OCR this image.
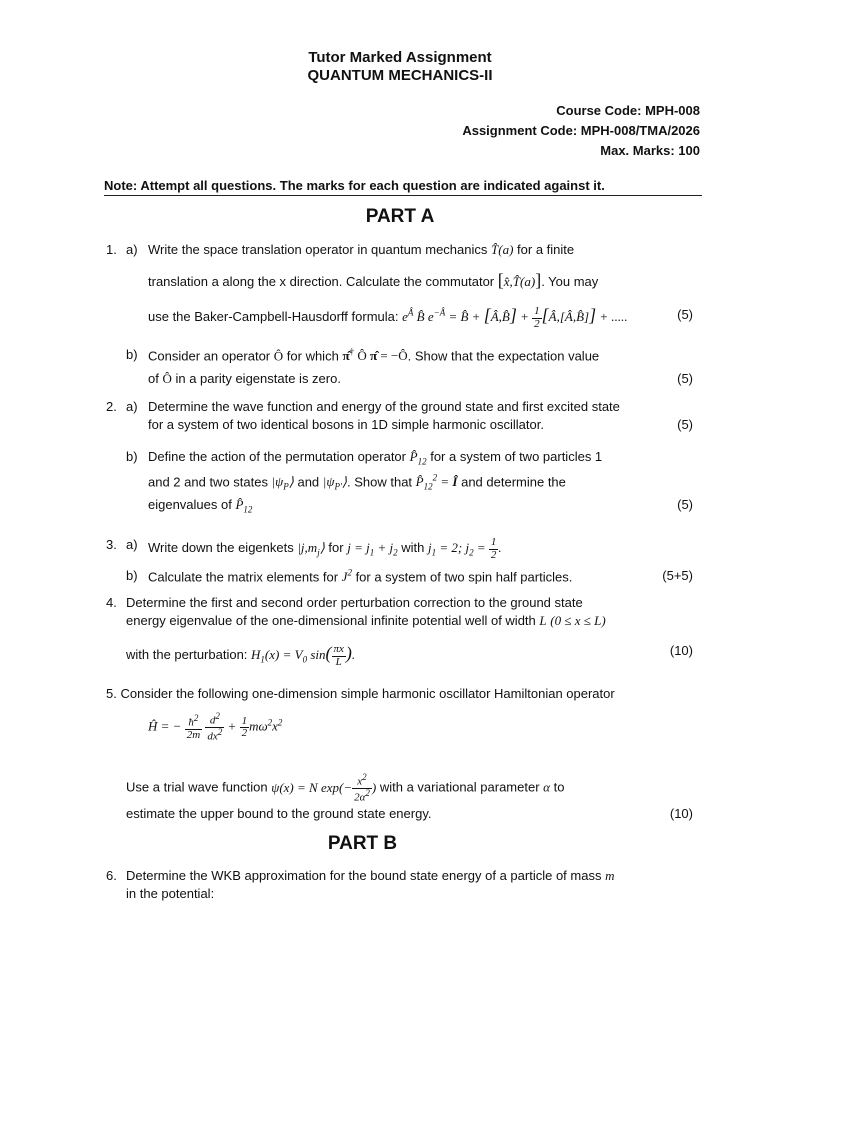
Tutor Marked Assignment
QUANTUM MECHANICS-II
Course Code: MPH-008
Assignment Code: MPH-008/TMA/2026
Max. Marks: 100
Note: Attempt all questions. The marks for each question are indicated against it.
PART A
1. a) Write the space translation operator in quantum mechanics T̂(a) for a finite
translation a along the x direction. Calculate the commutator [x̂,T̂(a)]. You may
use the Baker-Campbell-Hausdorff formula: $e^Â$ B̂ $e^{-Â}$ = B̂ + [Â,B̂] + $\frac{1}{2}$ [Â,[Â,B̂]] + .....	(5)
b) Consider an operator Ô for which π̂† Ô π̂ = −Ô. Show that the expectation value
of Ô in a parity eigenstate is zero.	(5)
2. a) Determine the wave function and energy of the ground state and first excited state
for a system of two identical bosons in 1D simple harmonic oscillator.	(5)
b) Define the action of the permutation operator $P̂_{12}$ for a system of two particles 1
and 2 and two states $|\psi_P⟩$ and $|\psi_{P'}⟩$. Show that $P̂_{12}^2$ = Î and determine the
eigenvalues of $P̂_{12}$	(5)
3. a) Write down the eigenkets $|j,m_j⟩$ for $j = j_1 + j_2$ with $j_1 = 2$; $j_2 = \frac{1}{2}$ .
b) Calculate the matrix elements for $J^2$ for a system of two spin half particles.	(5+5)
4. Determine the first and second order perturbation correction to the ground state
energy eigenvalue of the one-dimensional infinite potential well of width L (0 ≤ x ≤ L)
with the perturbation: $H_1(x) = V_0$ $\sin( \frac{\pi x}{L}$ ).	(10)
5. Consider the following one-dimension simple harmonic oscillator Hamiltonian operator
Ĥ = − $\frac{ħ^2}{2m}$
$\frac{d^2}{dx^2} + \frac{1}{2} m\omega^2x^2$
Use a trial wave function ψ(x) = N $\exp(- \frac{x^2}{2\alpha^2}$ ) with a variational parameter α to
estimate the upper bound to the ground state energy.	(10)
PART B
6. Determine the WKB approximation for the bound state energy of a particle of mass m
in the potential:
